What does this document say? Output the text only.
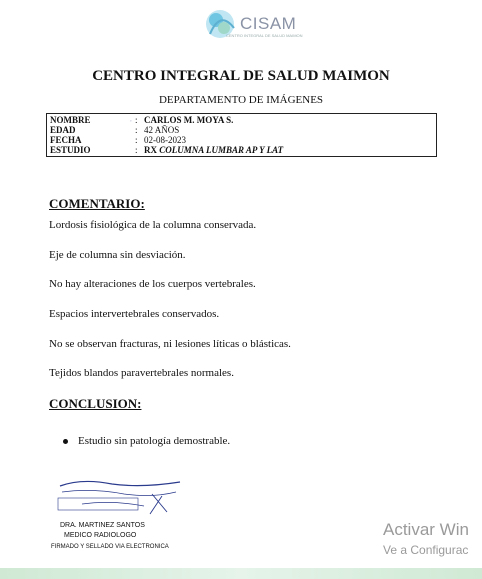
CISAM
CENTRO INTEGRAL DE SALUD MAIMON
CENTRO INTEGRAL DE SALUD MAIMON
DEPARTAMENTO DE IMÁGENES
NOMBRE	▫ : CARLOS M. MOYA S.
EDAD	: 42 AÑOS
FECHA	: 02-08-2023
ESTUDIO	: RX COLUMNA LUMBAR AP Y LAT
COMENTARIO:
Lordosis fisiológica de la columna conservada.
Eje de columna sin desviación.
No hay alteraciones de los cuerpos vertebrales.
Espacios intervertebrales conservados.
No se observan fracturas, ni lesiones líticas o blásticas.
Tejidos blandos paravertebrales normales.
CONCLUSION:
Estudio sin patología demostrable.
DRA. MARTINEZ SANTOS
MEDICO RADIOLOGO
FIRMADO Y SELLADO VIA ELECTRONICA
Activar Win
Ve a Configurac
